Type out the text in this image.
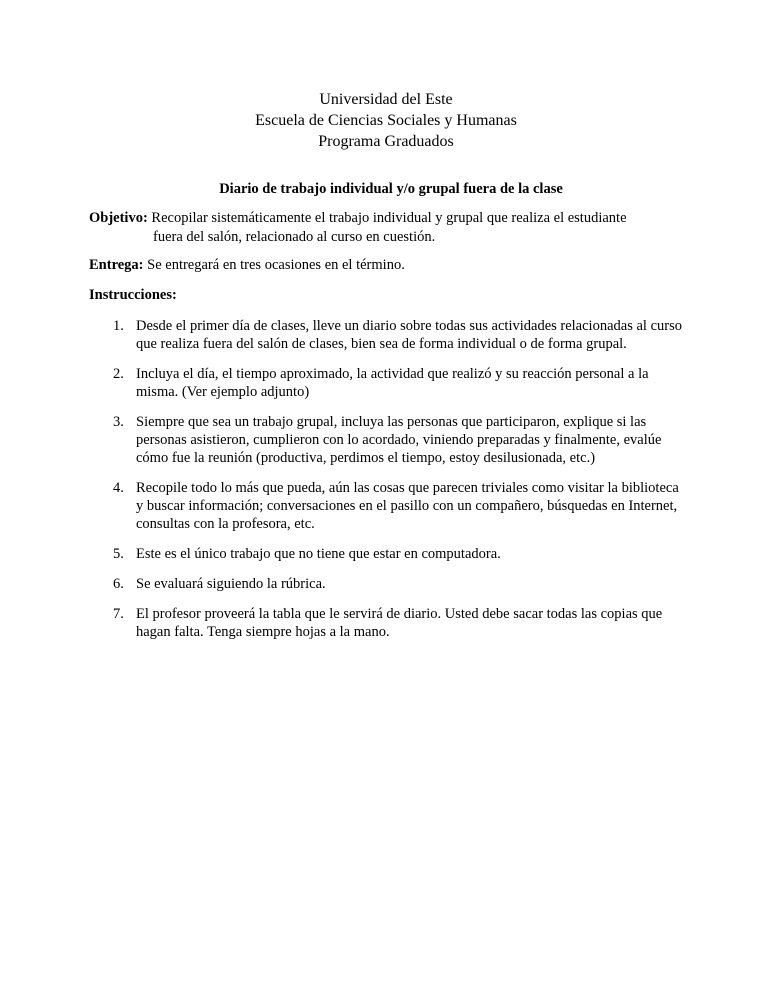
Universidad del Este
Escuela de Ciencias Sociales y Humanas
Programa Graduados
Diario de trabajo individual y/o grupal fuera de la clase
Objetivo: Recopilar sistemáticamente el trabajo individual y grupal que realiza el estudiante
fuera del salón, relacionado al curso en cuestión.
Entrega: Se entregará en tres ocasiones en el término.
Instrucciones:
1. Desde el primer día de clases, lleve un diario sobre todas sus actividades relacionadas al curso que realiza fuera del salón de clases, bien sea de forma individual o de forma grupal.
2. Incluya el día, el tiempo aproximado, la actividad que realizó y su reacción personal a la misma. (Ver ejemplo adjunto)
3. Siempre que sea un trabajo grupal, incluya las personas que participaron, explique si las personas asistieron, cumplieron con lo acordado, viniendo preparadas y finalmente, evalúe cómo fue la reunión (productiva, perdimos el tiempo, estoy desilusionada, etc.)
4. Recopile todo lo más que pueda, aún las cosas que parecen triviales como visitar la biblioteca y buscar información; conversaciones en el pasillo con un compañero, búsquedas en Internet, consultas con la profesora, etc.
5. Este es el único trabajo que no tiene que estar en computadora.
6. Se evaluará siguiendo la rúbrica.
7. El profesor proveerá la tabla que le servirá de diario. Usted debe sacar todas las copias que hagan falta. Tenga siempre hojas a la mano.
